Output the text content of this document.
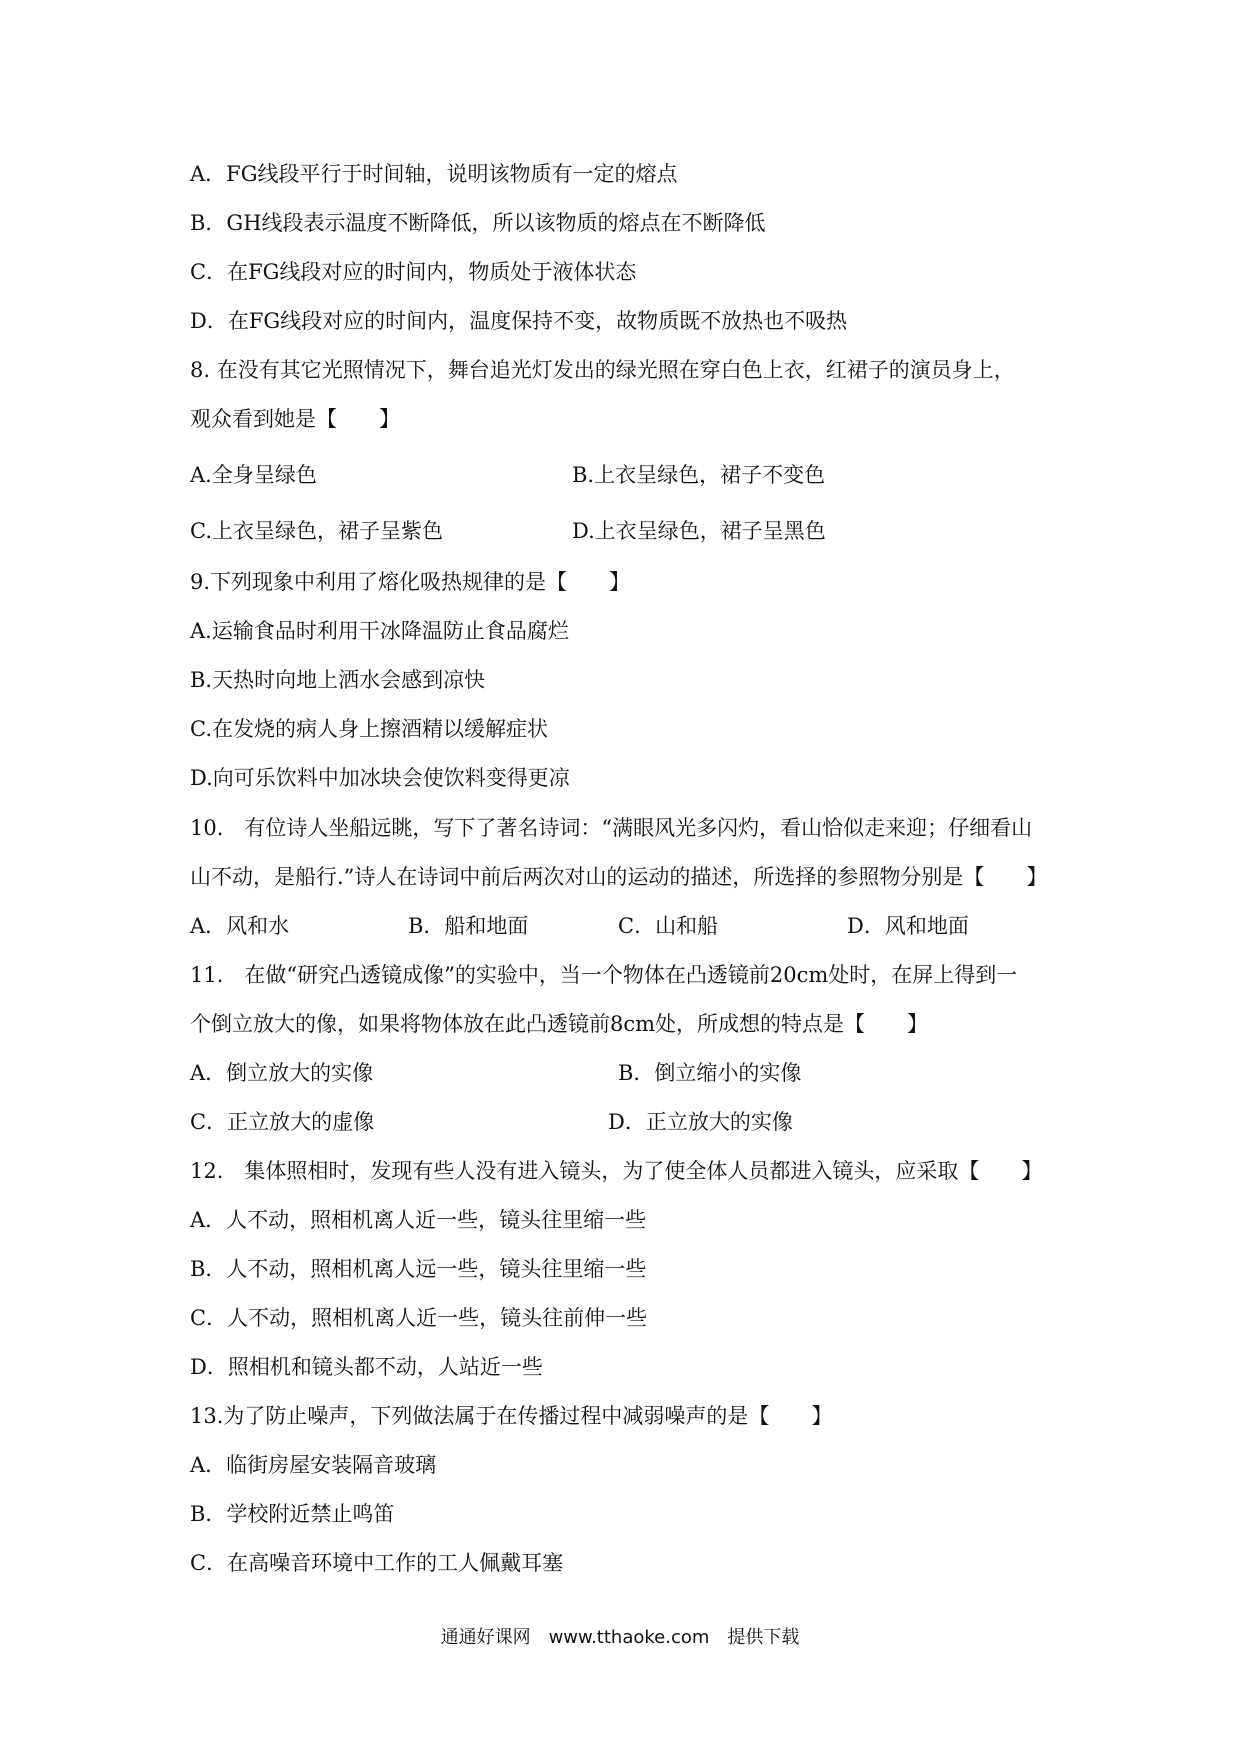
A．FG线段平行于时间轴，说明该物质有一定的熔点
B．GH线段表示温度不断降低，所以该物质的熔点在不断降低
C．在FG线段对应的时间内，物质处于液体状态
D．在FG线段对应的时间内，温度保持不变，故物质既不放热也不吸热
8. 在没有其它光照情况下，舞台追光灯发出的绿光照在穿白色上衣，红裙子的演员身上，
观众看到她是【　　】
A.全身呈绿色	B.上衣呈绿色，裙子不变色
C.上衣呈绿色，裙子呈紫色	D.上衣呈绿色，裙子呈黑色
9.下列现象中利用了熔化吸热规律的是【　　】
A.运输食品时利用干冰降温防止食品腐烂
B.天热时向地上洒水会感到凉快
C.在发烧的病人身上擦酒精以缓解症状
D.向可乐饮料中加冰块会使饮料变得更凉
10.　有位诗人坐船远眺，写下了著名诗词：“满眼风光多闪灼，看山恰似走来迎；仔细看山
山不动，是船行.”诗人在诗词中前后两次对山的运动的描述，所选择的参照物分别是【　　】
A．风和水	B．船和地面	C．山和船	D．风和地面
11.　在做“研究凸透镜成像”的实验中，当一个物体在凸透镜前20cm处时，在屏上得到一
个倒立放大的像，如果将物体放在此凸透镜前8cm处，所成想的特点是【　　】
A．倒立放大的实像	B．倒立缩小的实像
C．正立放大的虚像	D．正立放大的实像
12.　集体照相时，发现有些人没有进入镜头，为了使全体人员都进入镜头，应采取【　　】
A．人不动，照相机离人近一些，镜头往里缩一些
B．人不动，照相机离人远一些，镜头往里缩一些
C．人不动，照相机离人近一些，镜头往前伸一些
D．照相机和镜头都不动，人站近一些
13.为了防止噪声，下列做法属于在传播过程中减弱噪声的是【　　】
A．临街房屋安装隔音玻璃
B．学校附近禁止鸣笛
C．在高噪音环境中工作的工人佩戴耳塞
通通好课网　www.tthaoke.com　提供下载
